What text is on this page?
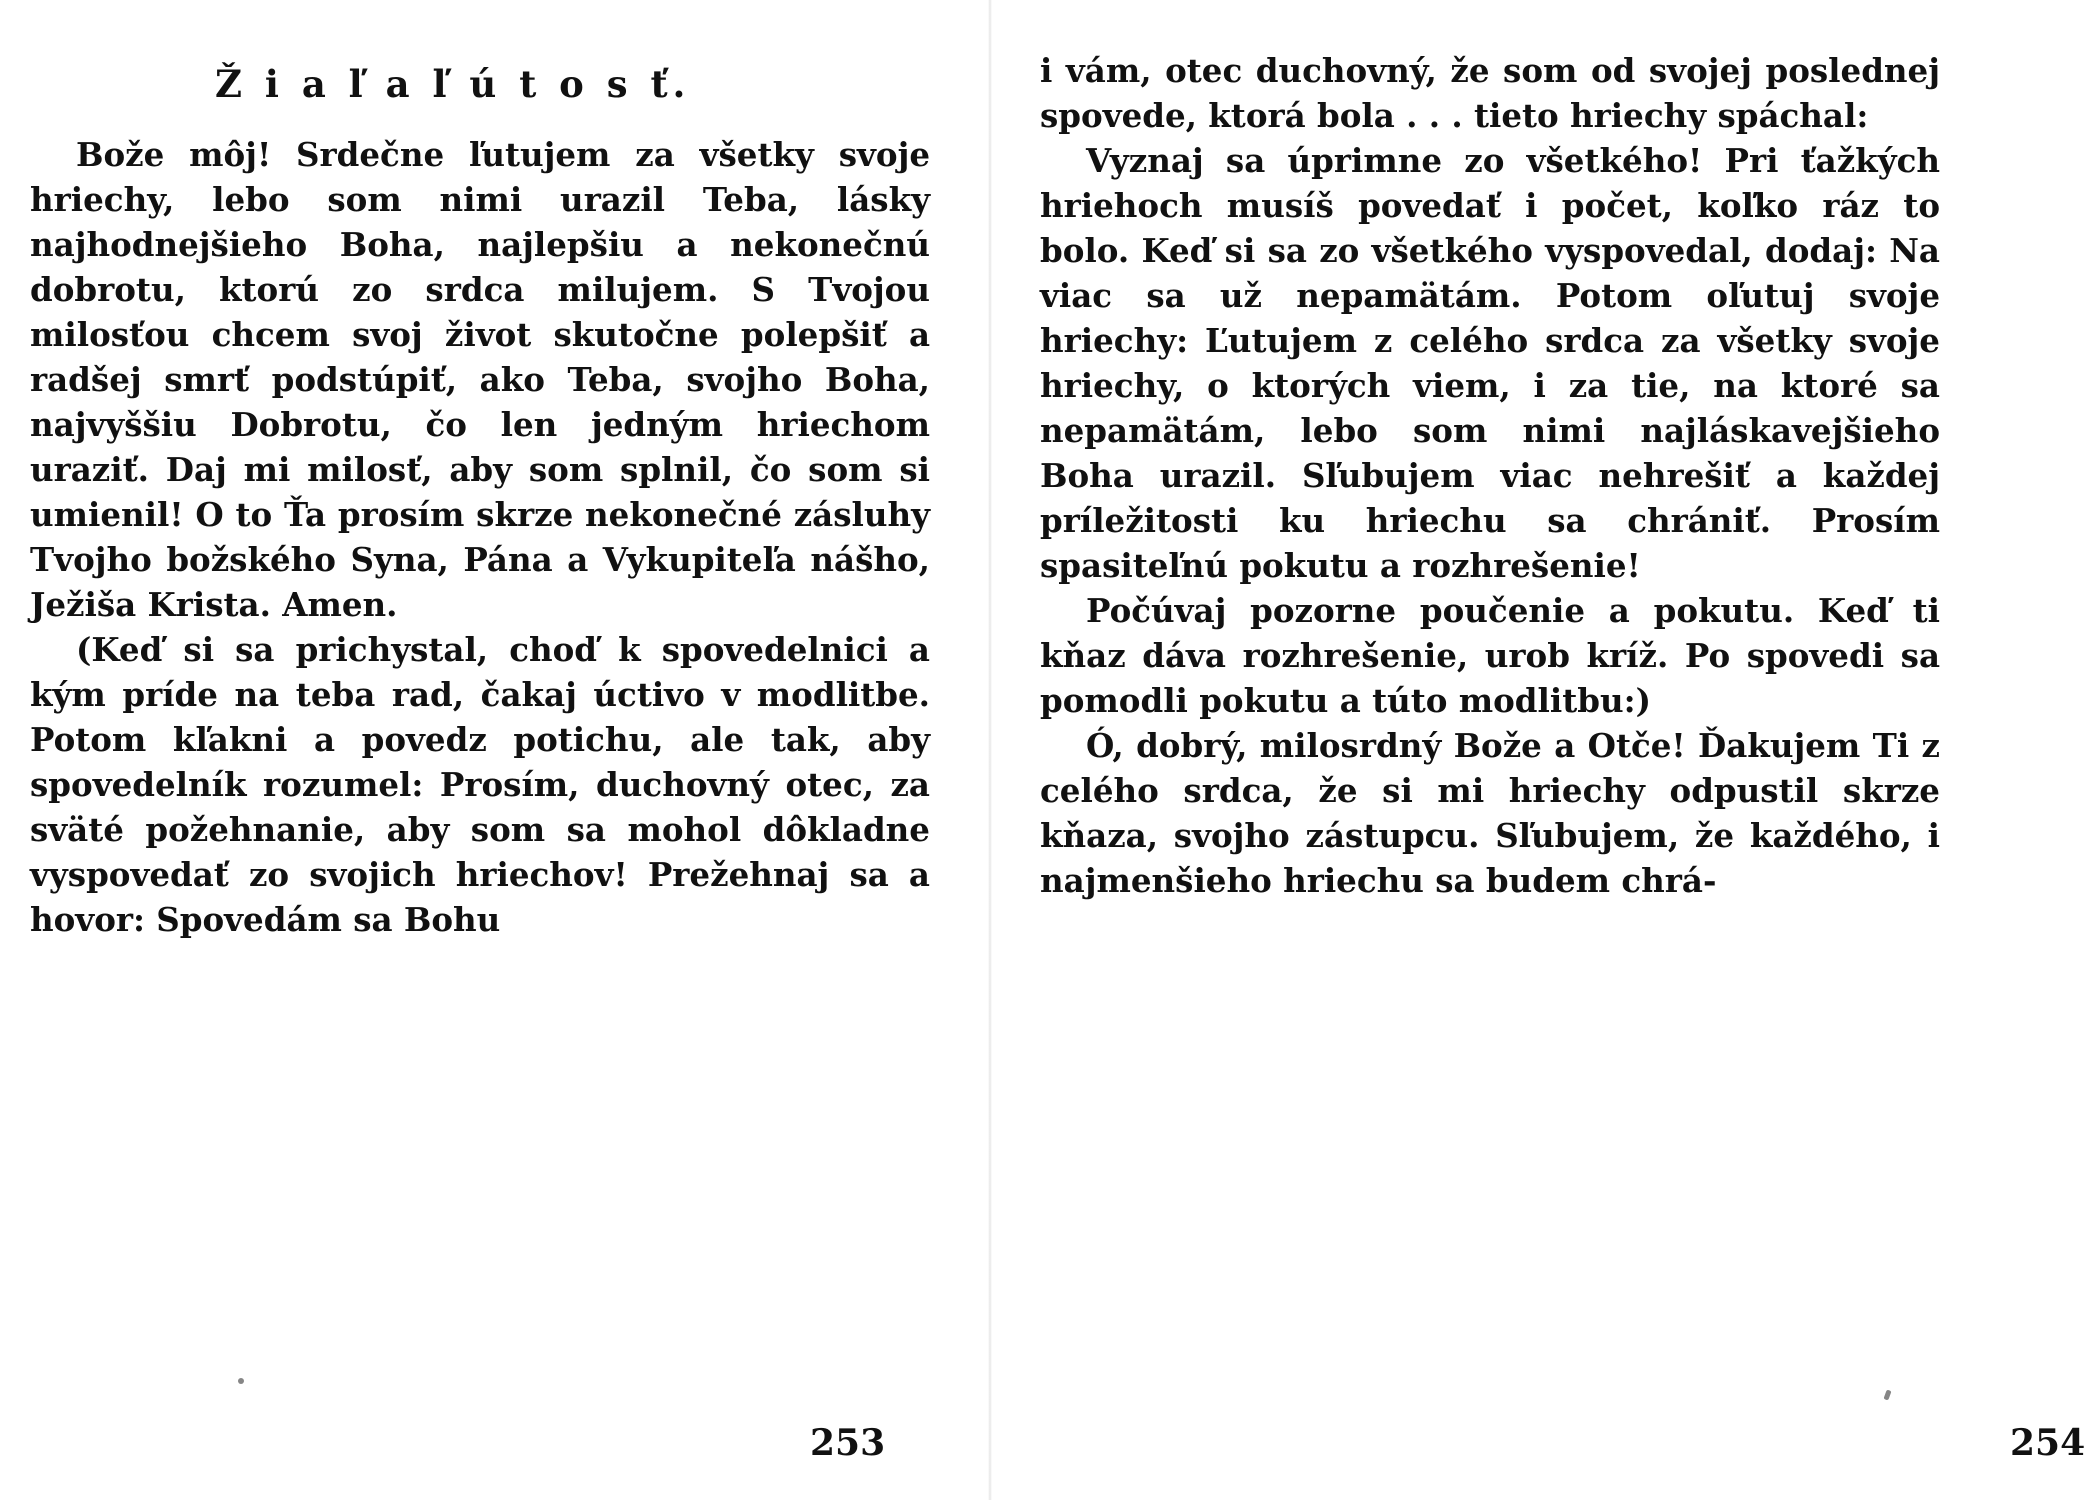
Ž i a ľ a ľ ú t o s ť.

Bože môj! Srdečne ľutujem za všetky svoje hriechy, lebo som nimi urazil Teba, lásky najhodnejšieho Boha, najlepšiu a nekonečnú dobrotu, ktorú zo srdca milujem. S Tvojou milosťou chcem svoj život skutočne polepšiť a radšej smrť podstúpiť, ako Teba, svojho Boha, najvyššiu Dobrotu, čo len jedným hriechom uraziť. Daj mi milosť, aby som splnil, čo som si umienil! O to Ťa prosím skrze nekonečné zásluhy Tvojho božského Syna, Pána a Vykupiteľa nášho, Ježiša Krista. Amen.

(Keď si sa prichystal, choď k spovedelnici a kým príde na teba rad, čakaj úctivo v modlitbe. Potom kľakni a povedz potichu, ale tak, aby spovedelník rozumel: Prosím, duchovný otec, za sväté požehnanie, aby som sa mohol dôkladne vyspovedať zo svojich hriechov! Prežehnaj sa a hovor: Spovedám sa Bohu

253

i vám, otec duchovný, že som od svojej poslednej spovede, ktorá bola . . . tieto hriechy spáchal:

Vyznaj sa úprimne zo všetkého! Pri ťažkých hriehoch musíš povedať i počet, koľko ráz to bolo. Keď si sa zo všetkého vyspovedal, dodaj: Na viac sa už nepamätám. Potom oľutuj svoje hriechy: Ľutujem z celého srdca za všetky svoje hriechy, o ktorých viem, i za tie, na ktoré sa nepamätám, lebo som nimi najláskavejšieho Boha urazil. Sľubujem viac nehrešiť a každej príležitosti ku hriechu sa chrániť. Prosím spasiteľnú pokutu a rozhrešenie!

Počúvaj pozorne poučenie a pokutu. Keď ti kňaz dáva rozhrešenie, urob kríž. Po spovedi sa pomodli pokutu a túto modlitbu:)

Ó, dobrý, milosrdný Bože a Otče! Ďakujem Ti z celého srdca, že si mi hriechy odpustil skrze kňaza, svojho zástupcu. Sľubujem, že každého, i najmenšieho hriechu sa budem chrá-

254
